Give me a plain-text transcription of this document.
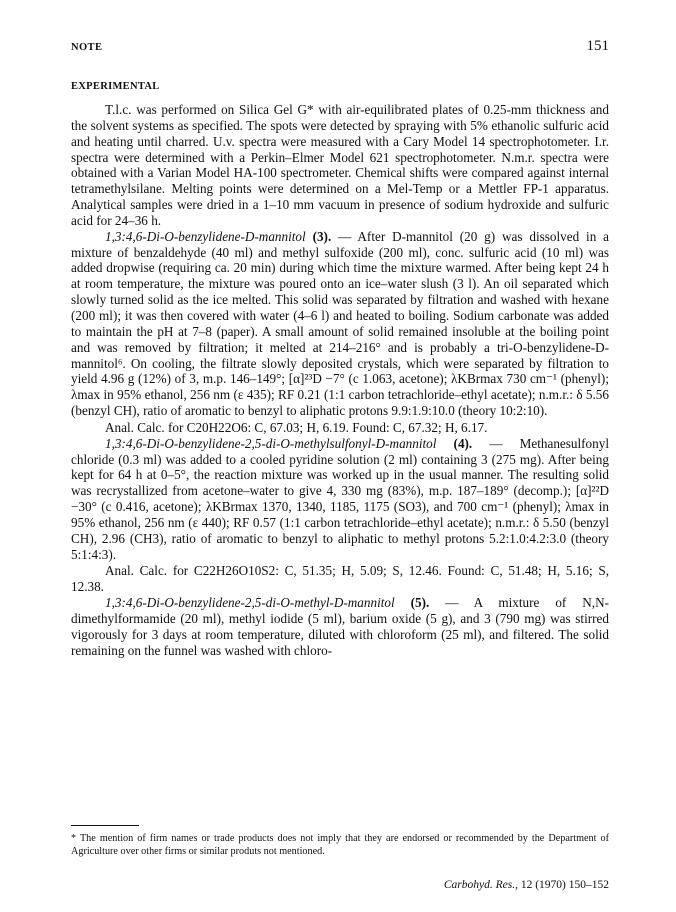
NOTE	151
EXPERIMENTAL

T.l.c. was performed on Silica Gel G* with air-equilibrated plates of 0.25-mm thickness and the solvent systems as specified. The spots were detected by spraying with 5% ethanolic sulfuric acid and heating until charred. U.v. spectra were measured with a Cary Model 14 spectrophotometer. I.r. spectra were determined with a Perkin–Elmer Model 621 spectrophotometer. N.m.r. spectra were obtained with a Varian Model HA-100 spectrometer. Chemical shifts were compared against internal tetramethylsilane. Melting points were determined on a Mel-Temp or a Mettler FP-1 apparatus. Analytical samples were dried in a 1–10 mm vacuum in presence of sodium hydroxide and sulfuric acid for 24–36 h.

1,3:4,6-Di-O-benzylidene-D-mannitol (3). — After D-mannitol (20 g) was dissolved in a mixture of benzaldehyde (40 ml) and methyl sulfoxide (200 ml), conc. sulfuric acid (10 ml) was added dropwise (requiring ca. 20 min) during which time the mixture warmed. After being kept 24 h at room temperature, the mixture was poured onto an ice–water slush (3 l). An oil separated which slowly turned solid as the ice melted. This solid was separated by filtration and washed with hexane (200 ml); it was then covered with water (4–6 l) and heated to boiling. Sodium carbonate was added to maintain the pH at 7–8 (paper). A small amount of solid remained insoluble at the boiling point and was removed by filtration; it melted at 214–216° and is probably a tri-O-benzylidene-D-mannitol⁶. On cooling, the filtrate slowly deposited crystals, which were separated by filtration to yield 4.96 g (12%) of 3, m.p. 146–149°; [α]²³D −7° (c 1.063, acetone); λKBrmax 730 cm⁻¹ (phenyl); λmax in 95% ethanol, 256 nm (ε 435); RF 0.21 (1:1 carbon tetrachloride–ethyl acetate); n.m.r.: δ 5.56 (benzyl CH), ratio of aromatic to benzyl to aliphatic protons 9.9:1.9:10.0 (theory 10:2:10).

Anal. Calc. for C20H22O6: C, 67.03; H, 6.19. Found: C, 67.32; H, 6.17.

1,3:4,6-Di-O-benzylidene-2,5-di-O-methylsulfonyl-D-mannitol (4). — Methanesulfonyl chloride (0.3 ml) was added to a cooled pyridine solution (2 ml) containing 3 (275 mg). After being kept for 64 h at 0–5°, the reaction mixture was worked up in the usual manner. The resulting solid was recrystallized from acetone–water to give 4, 330 mg (83%), m.p. 187–189° (decomp.); [α]²²D −30° (c 0.416, acetone); λKBrmax 1370, 1340, 1185, 1175 (SO3), and 700 cm⁻¹ (phenyl); λmax in 95% ethanol, 256 nm (ε 440); RF 0.57 (1:1 carbon tetrachloride–ethyl acetate); n.m.r.: δ 5.50 (benzyl CH), 2.96 (CH3), ratio of aromatic to benzyl to aliphatic to methyl protons 5.2:1.0:4.2:3.0 (theory 5:1:4:3).

Anal. Calc. for C22H26O10S2: C, 51.35; H, 5.09; S, 12.46. Found: C, 51.48; H, 5.16; S, 12.38.

1,3:4,6-Di-O-benzylidene-2,5-di-O-methyl-D-mannitol (5). — A mixture of N,N-dimethylformamide (20 ml), methyl iodide (5 ml), barium oxide (5 g), and 3 (790 mg) was stirred vigorously for 3 days at room temperature, diluted with chloroform (25 ml), and filtered. The solid remaining on the funnel was washed with chloro-

* The mention of firm names or trade products does not imply that they are endorsed or recommended by the Department of Agriculture over other firms or similar produts not mentioned.
Carbohyd. Res., 12 (1970) 150–152
